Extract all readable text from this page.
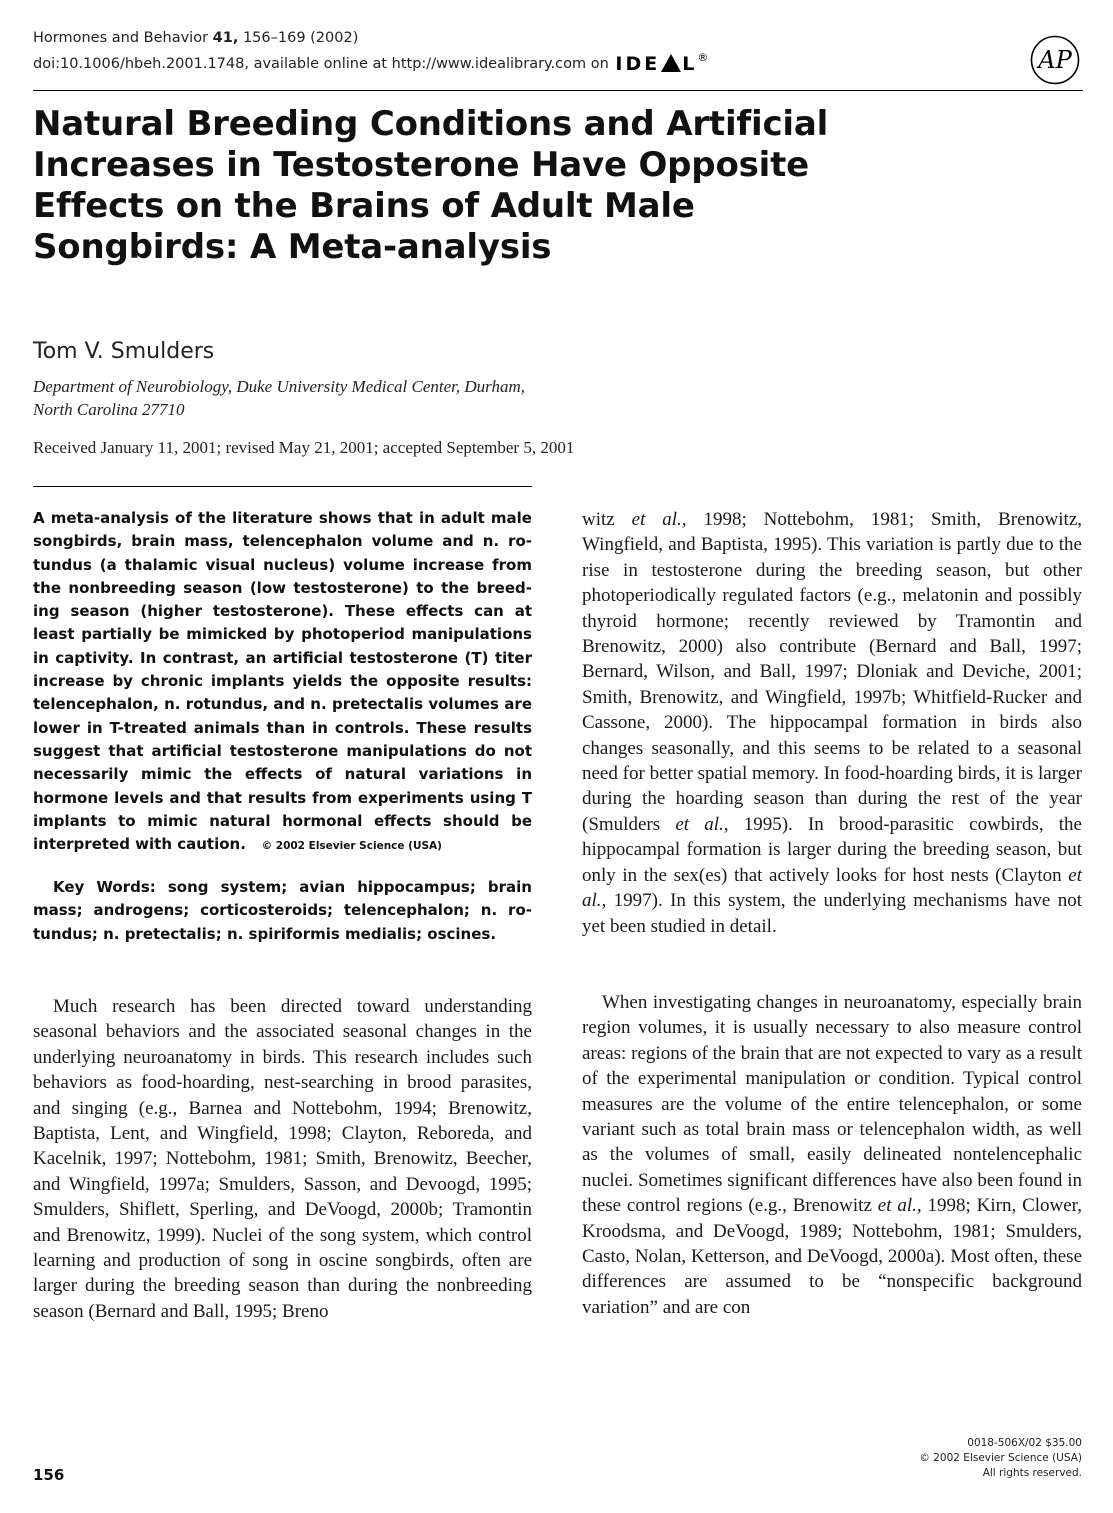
Hormones and Behavior 41, 156–169 (2002)
doi:10.1006/hbeh.2001.1748, available online at http://www.idealibrary.com on IDE L®	AP
Natural Breeding Conditions and Artificial Increases in Testosterone Have Opposite Effects on the Brains of Adult Male Songbirds: A Meta-analysis
Tom V. Smulders
Department of Neurobiology, Duke University Medical Center, Durham,
North Carolina 27710
Received January 11, 2001; revised May 21, 2001; accepted September 5, 2001

A meta-analysis of the literature shows that in adult male songbirds, brain mass, telencephalon volume and n. rotundus (a thalamic visual nucleus) volume increase from the nonbreeding season (low testosterone) to the breeding season (higher testosterone). These effects can at least partially be mimicked by photoperiod manipulations in captivity. In contrast, an artificial testosterone (T) titer increase by chronic implants yields the opposite results: telencephalon, n. rotundus, and n. pretectalis volumes are lower in T-treated animals than in controls. These results suggest that artificial testosterone manipulations do not necessarily mimic the effects of natural variations in hormone levels and that results from experiments using T implants to mimic natural hormonal effects should be interpreted with caution. © 2002 Elsevier Science (USA)

Key Words: song system; avian hippocampus; brain mass; androgens; corticosteroids; telencephalon; n. rotundus; n. pretectalis; n. spiriformis medialis; oscines.

Much research has been directed toward understanding seasonal behaviors and the associated seasonal changes in the underlying neuroanatomy in birds. This research includes such behaviors as food-hoarding, nest-searching in brood parasites, and singing (e.g., Barnea and Nottebohm, 1994; Brenowitz, Baptista, Lent, and Wingfield, 1998; Clayton, Reboreda, and Kacelnik, 1997; Nottebohm, 1981; Smith, Brenowitz, Beecher, and Wingfield, 1997a; Smulders, Sasson, and Devoogd, 1995; Smulders, Shiflett, Sperling, and DeVoogd, 2000b; Tramontin and Brenowitz, 1999). Nuclei of the song system, which control learning and production of song in oscine songbirds, often are larger during the breeding season than during the nonbreeding season (Bernard and Ball, 1995; Breno

witz et al., 1998; Nottebohm, 1981; Smith, Brenowitz, Wingfield, and Baptista, 1995). This variation is partly due to the rise in testosterone during the breeding season, but other photoperiodically regulated factors (e.g., melatonin and possibly thyroid hormone; recently reviewed by Tramontin and Brenowitz, 2000) also contribute (Bernard and Ball, 1997; Bernard, Wilson, and Ball, 1997; Dloniak and Deviche, 2001; Smith, Brenowitz, and Wingfield, 1997b; Whitfield-Rucker and Cassone, 2000). The hippocampal formation in birds also changes seasonally, and this seems to be related to a seasonal need for better spatial memory. In food-hoarding birds, it is larger during the hoarding season than during the rest of the year (Smulders et al., 1995). In brood-parasitic cowbirds, the hippocampal formation is larger during the breeding season, but only in the sex(es) that actively looks for host nests (Clayton et al., 1997). In this system, the underlying mechanisms have not yet been studied in detail.

When investigating changes in neuroanatomy, especially brain region volumes, it is usually necessary to also measure control areas: regions of the brain that are not expected to vary as a result of the experimental manipulation or condition. Typical control measures are the volume of the entire telencephalon, or some variant such as total brain mass or telencephalon width, as well as the volumes of small, easily delineated nontelencephalic nuclei. Sometimes significant differences have also been found in these control regions (e.g., Brenowitz et al., 1998; Kirn, Clower, Kroodsma, and DeVoogd, 1989; Nottebohm, 1981; Smulders, Casto, Nolan, Ketterson, and DeVoogd, 2000a). Most often, these differences are assumed to be “nonspecific background variation” and are con

156
0018-506X/02 $35.00
© 2002 Elsevier Science (USA)
All rights reserved.
